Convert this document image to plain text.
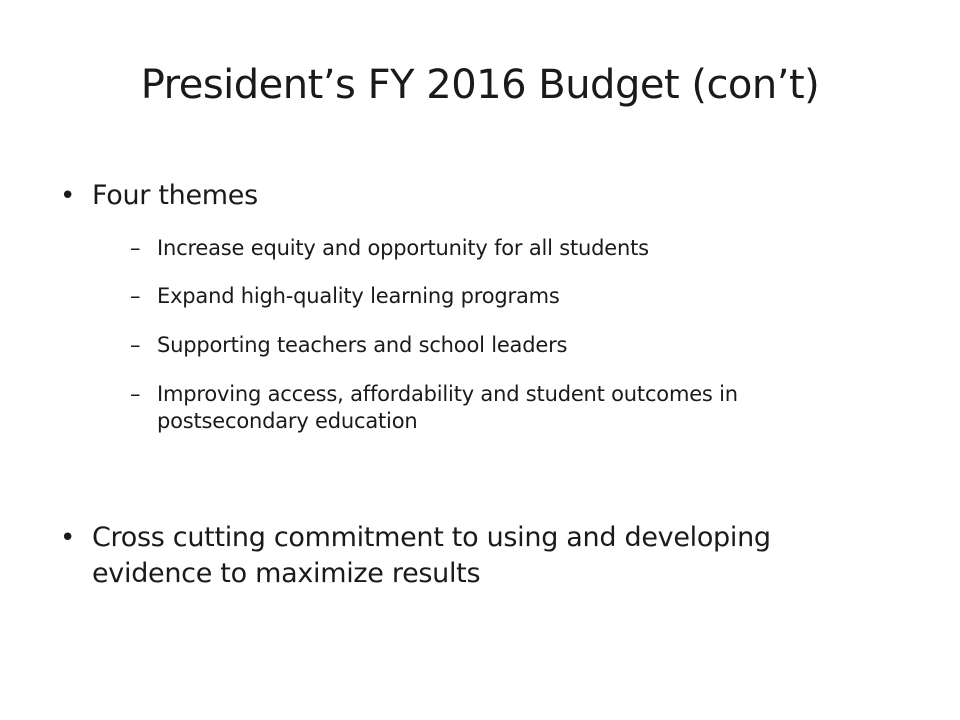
President’s FY 2016 Budget (con’t)
• Four themes
– Increase equity and opportunity for all students
– Expand high-quality learning programs
– Supporting teachers and school leaders
– Improving access, affordability and student outcomes in postsecondary education
• Cross cutting commitment to using and developing evidence to maximize results
